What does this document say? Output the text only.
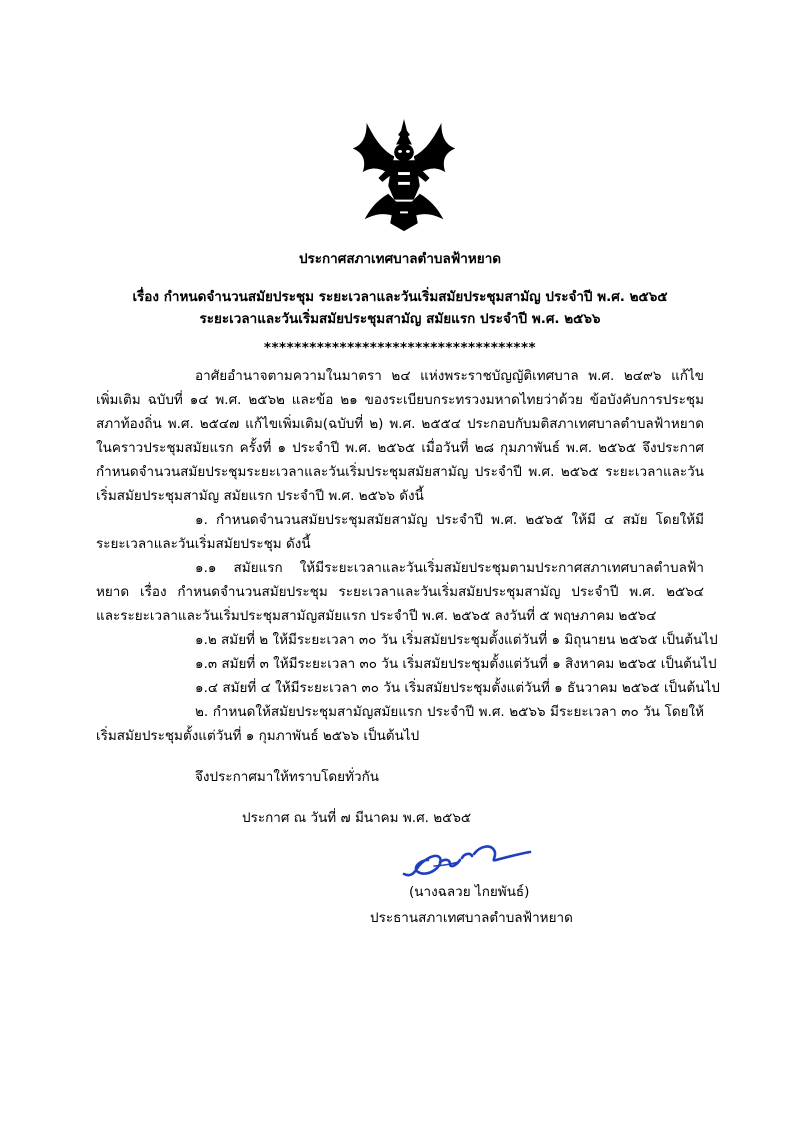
ประกาศสภาเทศบาลตำบลฟ้าหยาด
เรื่อง กำหนดจำนวนสมัยประชุม ระยะเวลาและวันเริ่มสมัยประชุมสามัญ ประจำปี พ.ศ. ๒๕๖๕
ระยะเวลาและวันเริ่มสมัยประชุมสามัญ สมัยแรก ประจำปี พ.ศ. ๒๕๖๖
************************************
อาศัยอำนาจตามความในมาตรา ๒๔ แห่งพระราชบัญญัติเทศบาล พ.ศ. ๒๔๙๖ แก้ไข
เพิ่มเติม ฉบับที่ ๑๔ พ.ศ. ๒๕๖๒ และข้อ ๒๑ ของระเบียบกระทรวงมหาดไทยว่าด้วย ข้อบังคับการประชุม
สภาท้องถิ่น พ.ศ. ๒๕๔๗ แก้ไขเพิ่มเติม(ฉบับที่ ๒) พ.ศ. ๒๕๕๔ ประกอบกับมติสภาเทศบาลตำบลฟ้าหยาด
ในคราวประชุมสมัยแรก ครั้งที่ ๑ ประจำปี พ.ศ. ๒๕๖๕ เมื่อวันที่ ๒๘ กุมภาพันธ์ พ.ศ. ๒๕๖๕ จึงประกาศ
กำหนดจำนวนสมัยประชุมระยะเวลาและวันเริ่มประชุมสมัยสามัญ ประจำปี พ.ศ. ๒๕๖๕ ระยะเวลาและวัน
เริ่มสมัยประชุมสามัญ สมัยแรก ประจำปี พ.ศ. ๒๕๖๖ ดังนี้
๑. กำหนดจำนวนสมัยประชุมสมัยสามัญ ประจำปี พ.ศ. ๒๕๖๕ ให้มี ๔ สมัย โดยให้มี
ระยะเวลาและวันเริ่มสมัยประชุม ดังนี้
๑.๑ สมัยแรก ให้มีระยะเวลาและวันเริ่มสมัยประชุมตามประกาศสภาเทศบาลตำบลฟ้า
หยาด เรื่อง กำหนดจำนวนสมัยประชุม ระยะเวลาและวันเริ่มสมัยประชุมสามัญ ประจำปี พ.ศ. ๒๕๖๔
และระยะเวลาและวันเริ่มประชุมสามัญสมัยแรก ประจำปี พ.ศ. ๒๕๖๕ ลงวันที่ ๕ พฤษภาคม ๒๕๖๔
๑.๒ สมัยที่ ๒ ให้มีระยะเวลา ๓๐ วัน เริ่มสมัยประชุมตั้งแต่วันที่ ๑ มิถุนายน ๒๕๖๕ เป็นต้นไป
๑.๓ สมัยที่ ๓ ให้มีระยะเวลา ๓๐ วัน เริ่มสมัยประชุมตั้งแต่วันที่ ๑ สิงหาคม ๒๕๖๕ เป็นต้นไป
๑.๔ สมัยที่ ๔ ให้มีระยะเวลา ๓๐ วัน เริ่มสมัยประชุมตั้งแต่วันที่ ๑ ธันวาคม ๒๕๖๕ เป็นต้นไป
๒. กำหนดให้สมัยประชุมสามัญสมัยแรก ประจำปี พ.ศ. ๒๕๖๖ มีระยะเวลา ๓๐ วัน โดยให้
เริ่มสมัยประชุมตั้งแต่วันที่ ๑ กุมภาพันธ์ ๒๕๖๖ เป็นต้นไป
จึงประกาศมาให้ทราบโดยทั่วกัน
ประกาศ ณ วันที่ ๗ มีนาคม พ.ศ. ๒๕๖๕
(นางฉลวย ไกยพันธ์)
ประธานสภาเทศบาลตำบลฟ้าหยาด
